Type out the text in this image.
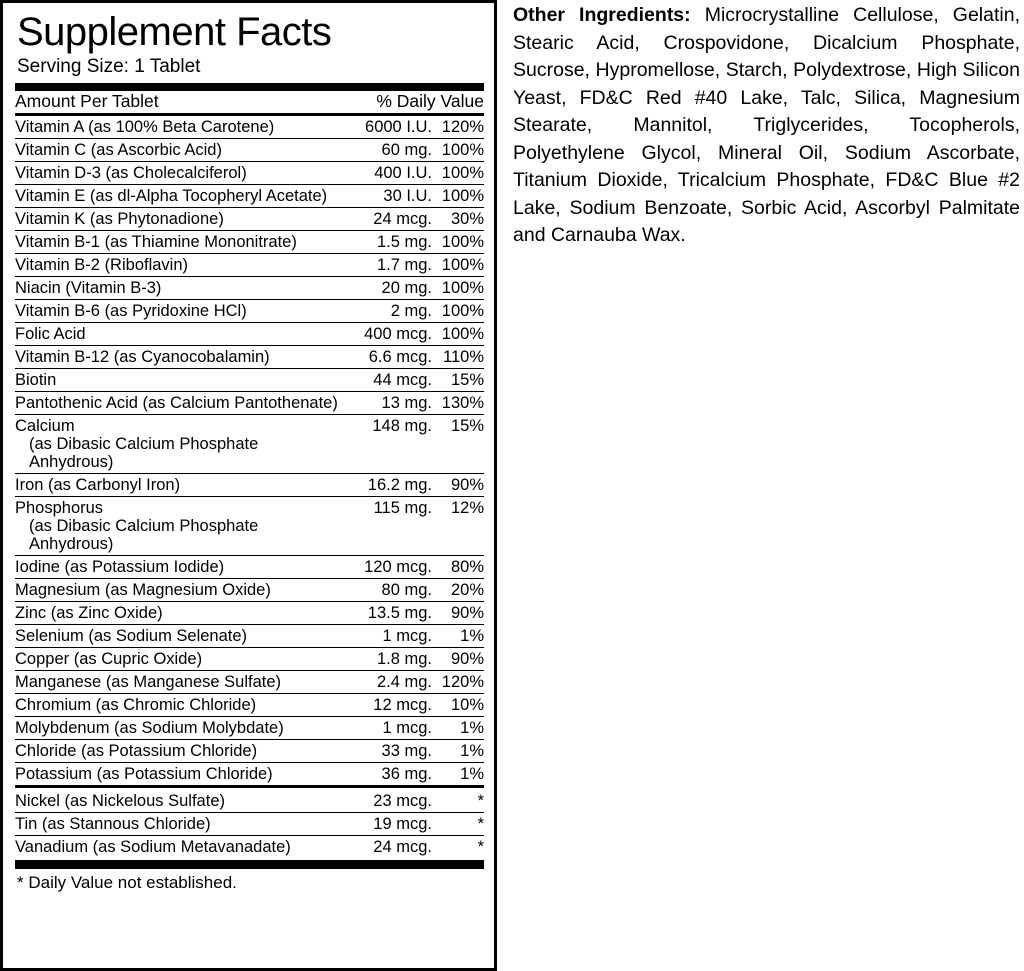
Supplement Facts
Serving Size: 1 Tablet
Amount Per Tablet		% Daily Value
Vitamin A (as 100% Beta Carotene)	6000 I.U.	120%
Vitamin C (as Ascorbic Acid)	60 mg.	100%
Vitamin D-3 (as Cholecalciferol)	400 I.U.	100%
Vitamin E (as dl-Alpha Tocopheryl Acetate)	30 I.U.	100%
Vitamin K (as Phytonadione)	24 mcg.	30%
Vitamin B-1 (as Thiamine Mononitrate)	1.5 mg.	100%
Vitamin B-2 (Riboflavin)	1.7 mg.	100%
Niacin (Vitamin B-3)	20 mg.	100%
Vitamin B-6 (as Pyridoxine HCl)	2 mg.	100%
Folic Acid	400 mcg.	100%
Vitamin B-12 (as Cyanocobalamin)	6.6 mcg.	110%
Biotin	44 mcg.	15%
Pantothenic Acid (as Calcium Pantothenate)	13 mg.	130%
Calcium
(as Dibasic Calcium Phosphate Anhydrous)	148 mg.	15%
Iron (as Carbonyl Iron)	16.2 mg.	90%
Phosphorus
(as Dibasic Calcium Phosphate Anhydrous)	115 mg.	12%
Iodine (as Potassium Iodide)	120 mcg.	80%
Magnesium (as Magnesium Oxide)	80 mg.	20%
Zinc (as Zinc Oxide)	13.5 mg.	90%
Selenium (as Sodium Selenate)	1 mcg.	1%
Copper (as Cupric Oxide)	1.8 mg.	90%
Manganese (as Manganese Sulfate)	2.4 mg.	120%
Chromium (as Chromic Chloride)	12 mcg.	10%
Molybdenum (as Sodium Molybdate)	1 mcg.	1%
Chloride (as Potassium Chloride)	33 mg.	1%
Potassium (as Potassium Chloride)	36 mg.	1%
Nickel (as Nickelous Sulfate)	23 mcg.	*
Tin (as Stannous Chloride)	19 mcg.	*
Vanadium (as Sodium Metavanadate)	24 mcg.	*
* Daily Value not established.

Other Ingredients: Microcrystalline Cellulose, Gelatin, Stearic Acid, Crospovidone, Dicalcium Phosphate, Sucrose, Hypromellose, Starch, Polydextrose, High Silicon Yeast, FD&C Red #40 Lake, Talc, Silica, Magnesium Stearate, Mannitol, Triglycerides, Tocopherols, Polyethylene Glycol, Mineral Oil, Sodium Ascorbate, Titanium Dioxide, Tricalcium Phosphate, FD&C Blue #2 Lake, Sodium Benzoate, Sorbic Acid, Ascorbyl Palmitate and Carnauba Wax.
